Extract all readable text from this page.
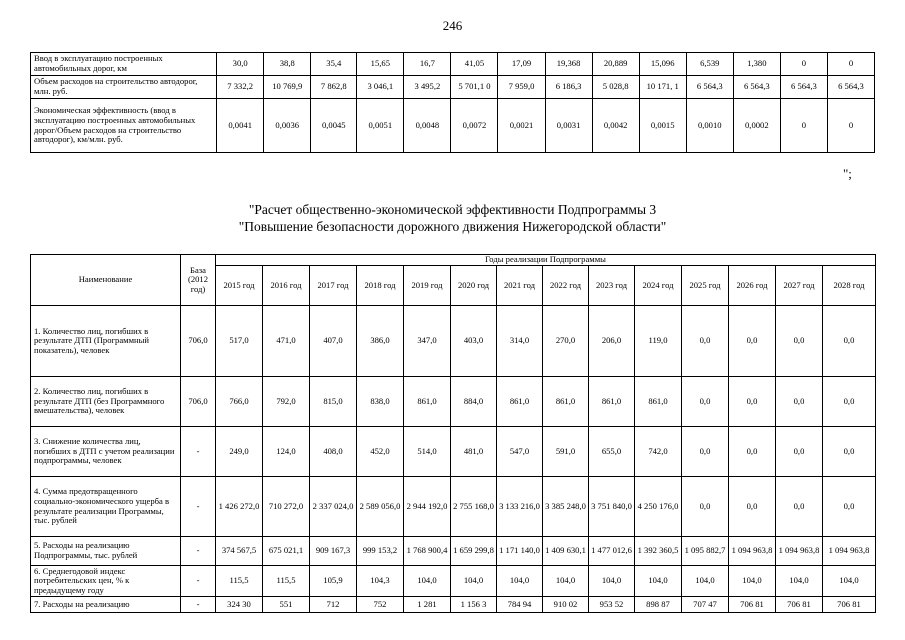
246
Ввод в эксплуатацию построенных автомобильных дорог, км	30,0	38,8	35,4	15,65	16,7	41,05	17,09	19,368	20,889	15,096	6,539	1,380	0	0
Объем расходов на строительство автодорог, млн. руб.	7 332,2	10 769,9	7 862,8	3 046,1	3 495,2	5 701,1 0	7 959,0	6 186,3	5 028,8	10 171, 1	6 564,3	6 564,3	6 564,3	6 564,3
Экономическая эффективность (ввод в эксплуатацию построенных автомобильных дорог/Объем расходов на строительство автодорог), км/млн. руб.	0,0041	0,0036	0,0045	0,0051	0,0048	0,0072	0,0021	0,0031	0,0042	0,0015	0,0010	0,0002	0	0
";
"Расчет общественно-экономической эффективности Подпрограммы 3
"Повышение безопасности дорожного движения Нижегородской области"
Наименование	База (2012 год)	Годы реализации Подпрограммы													
		2015 год	2016 год	2017 год	2018 год	2019 год	2020 год	2021 год	2022 год	2023 год	2024 год	2025 год	2026 год	2027 год	2028 год
1. Количество лиц, погибших в результате ДТП (Программный показатель), человек	706,0	517,0	471,0	407,0	386,0	347,0	403,0	314,0	270,0	206,0	119,0	0,0	0,0	0,0	0,0
2. Количество лиц, погибших в результате ДТП (без Программного вмешательства), человек	706,0	766,0	792,0	815,0	838,0	861,0	884,0	861,0	861,0	861,0	861,0	0,0	0,0	0,0	0,0
3. Снижение количества лиц, погибших в ДТП с учетом реализации подпрограммы, человек	-	249,0	124,0	408,0	452,0	514,0	481,0	547,0	591,0	655,0	742,0	0,0	0,0	0,0	0,0
4. Сумма предотвращенного социально-экономического ущерба в результате реализации Программы, тыс. рублей	-	1 426 272,0	710 272,0	2 337 024,0	2 589 056,0	2 944 192,0	2 755 168,0	3 133 216,0	3 385 248,0	3 751 840,0	4 250 176,0	0,0	0,0	0,0	0,0
5. Расходы на реализацию Подпрограммы, тыс. рублей	-	374 567,5	675 021,1	909 167,3	999 153,2	1 768 900,4	1 659 299,8	1 171 140,0	1 409 630,1	1 477 012,6	1 392 360,5	1 095 882,7	1 094 963,8	1 094 963,8	1 094 963,8
6. Среднегодовой индекс потребительских цен, % к предыдущему году	-	115,5	115,5	105,9	104,3	104,0	104,0	104,0	104,0	104,0	104,0	104,0	104,0	104,0	104,0
7. Расходы на реализацию	-	324 30	551	712	752	1 281	1 156 3	784 94	910 02	953 52	898 87	707 47	706 81	706 81	706 81
